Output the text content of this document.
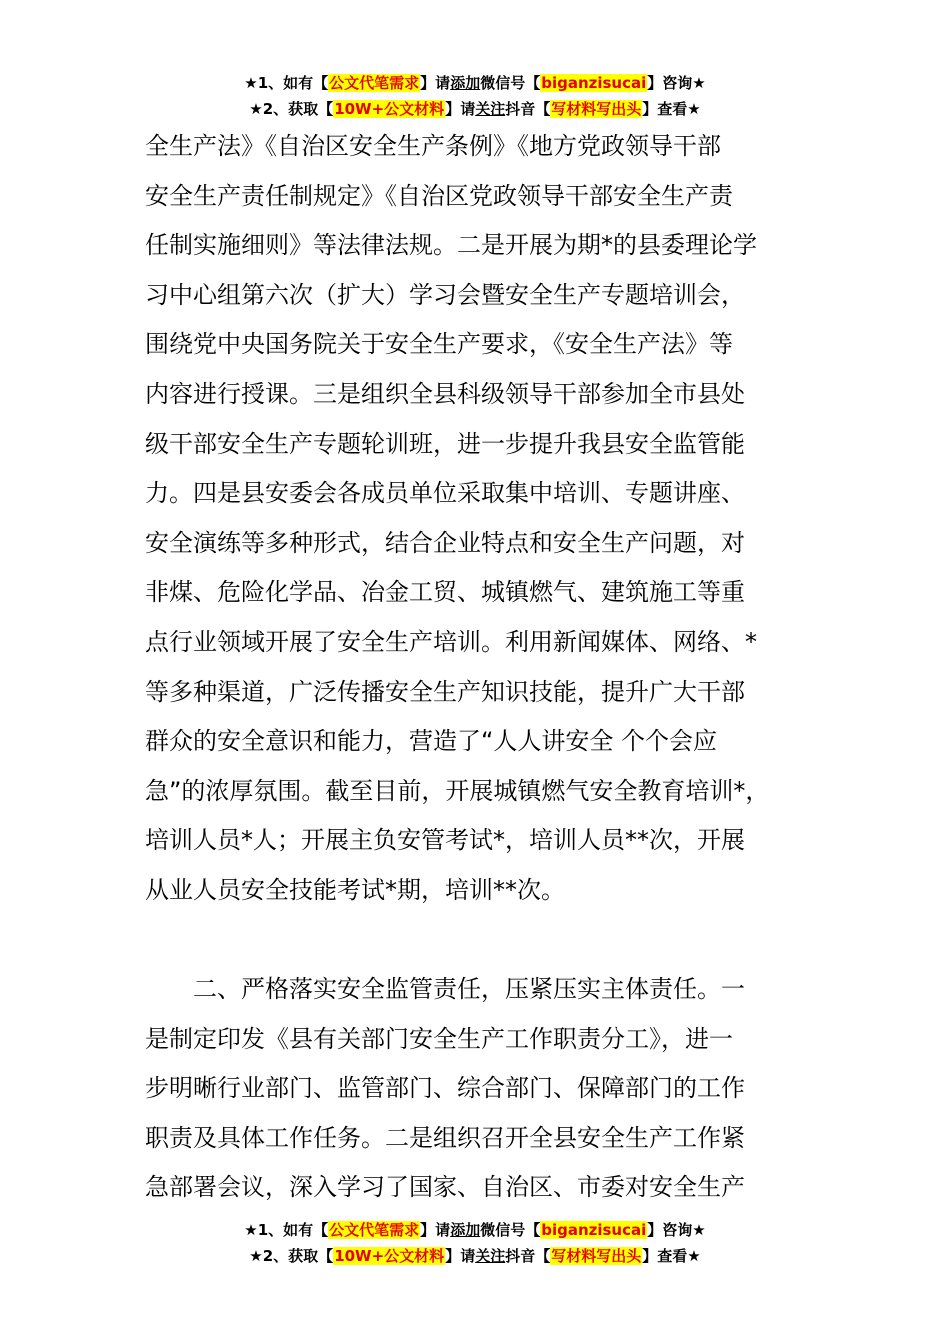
★1、如有【公文代笔需求】请添加微信号【biganzisucai】咨询★
★2、获取【10W+公文材料】请关注抖音【写材料写出头】查看★
全生产法》《自治区安全生产条例》《地方党政领导干部
安全生产责任制规定》《自治区党政领导干部安全生产责
任制实施细则》等法律法规。二是开展为期*的县委理论学
习中心组第六次（扩大）学习会暨安全生产专题培训会，
围绕党中央国务院关于安全生产要求，《安全生产法》等
内容进行授课。三是组织全县科级领导干部参加全市县处
级干部安全生产专题轮训班，进一步提升我县安全监管能
力。四是县安委会各成员单位采取集中培训、专题讲座、
安全演练等多种形式，结合企业特点和安全生产问题，对
非煤、危险化学品、冶金工贸、城镇燃气、建筑施工等重
点行业领域开展了安全生产培训。利用新闻媒体、网络、*
等多种渠道，广泛传播安全生产知识技能，提升广大干部
群众的安全意识和能力，营造了“人人讲安全 个个会应
急”的浓厚氛围。截至目前，开展城镇燃气安全教育培训*，
培训人员*人；开展主负安管考试*，培训人员**次，开展
从业人员安全技能考试*期，培训**次。
二、严格落实安全监管责任，压紧压实主体责任。一
是制定印发《县有关部门安全生产工作职责分工》，进一
步明晰行业部门、监管部门、综合部门、保障部门的工作
职责及具体工作任务。二是组织召开全县安全生产工作紧
急部署会议，深入学习了国家、自治区、市委对安全生产
★1、如有【公文代笔需求】请添加微信号【biganzisucai】咨询★
★2、获取【10W+公文材料】请关注抖音【写材料写出头】查看★
